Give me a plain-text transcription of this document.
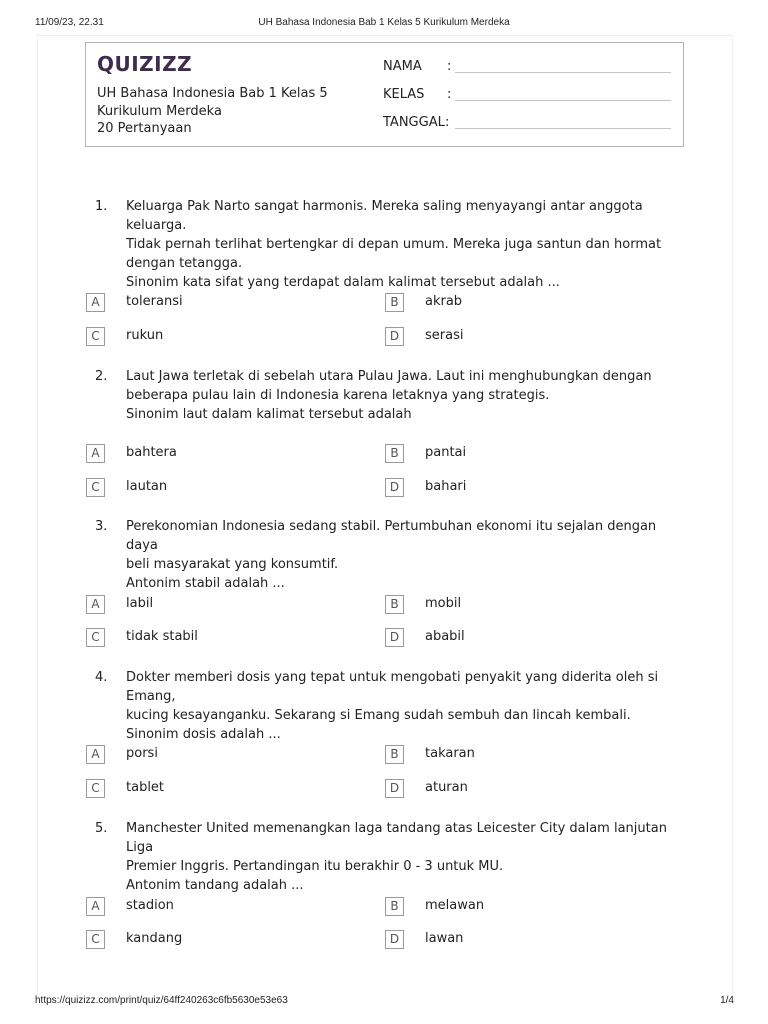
11/09/23, 22.31	UH Bahasa Indonesia Bab 1 Kelas 5 Kurikulum Merdeka
QUIZIZZ
UH Bahasa Indonesia Bab 1 Kelas 5
Kurikulum Merdeka
20 Pertanyaan
NAMA :
KELAS :
TANGGAL :
1. Keluarga Pak Narto sangat harmonis. Mereka saling menyayangi antar anggota keluarga.
Tidak pernah terlihat bertengkar di depan umum. Mereka juga santun dan hormat
dengan tetangga.
Sinonim kata sifat yang terdapat dalam kalimat tersebut adalah ...
A	toleransi	B	akrab
C	rukun	D	serasi
2. Laut Jawa terletak di sebelah utara Pulau Jawa. Laut ini menghubungkan dengan
beberapa pulau lain di Indonesia karena letaknya yang strategis.
Sinonim laut dalam kalimat tersebut adalah
A	bahtera	B	pantai
C	lautan	D	bahari
3. Perekonomian Indonesia sedang stabil. Pertumbuhan ekonomi itu sejalan dengan daya
beli masyarakat yang konsumtif.
Antonim stabil adalah ...
A	labil	B	mobil
C	tidak stabil	D	ababil
4. Dokter memberi dosis yang tepat untuk mengobati penyakit yang diderita oleh si Emang,
kucing kesayanganku. Sekarang si Emang sudah sembuh dan lincah kembali.
Sinonim dosis adalah ...
A	porsi	B	takaran
C	tablet	D	aturan
5. Manchester United memenangkan laga tandang atas Leicester City dalam lanjutan Liga
Premier Inggris. Pertandingan itu berakhir 0 - 3 untuk MU.
Antonim tandang adalah ...
A	stadion	B	melawan
C	kandang	D	lawan
https://quizizz.com/print/quiz/64ff240263c6fb5630e53e63	1/4
